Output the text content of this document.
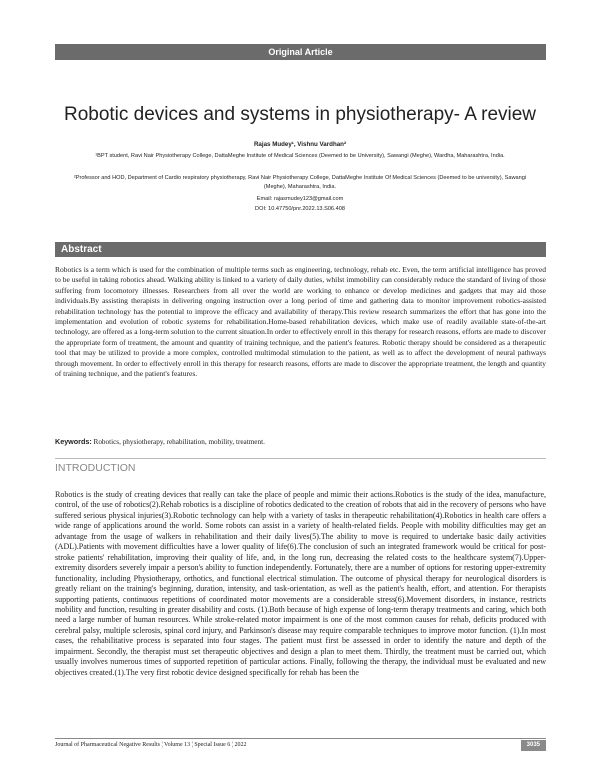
Original Article
Robotic devices and systems in physiotherapy- A review
Rajas Mudey¹, Vishnu Vardhan²
¹BPT student, Ravi Nair Physiotherapy College, DattaMeghe Institute of Medical Sciences (Deemed to be University), Sawangi (Meghe), Wardha, Maharashtra, India.
²Professor and HOD, Department of Cardio respiratory physiotherapy, Ravi Nair Physiotherapy College, DattaMeghe Institute Of Medical Sciences (Deemed to be university), Sawangi (Meghe), Maharashtra, India.
Email: rajasmudey123@gmail.com
DOI: 10.47750/pnr.2022.13.S06.408
Abstract

Robotics is a term which is used for the combination of multiple terms such as engineering, technology, rehab etc. Even, the term artificial intelligence has proved to be useful in taking robotics ahead. Walking ability is linked to a variety of daily duties, whilst immobility can considerably reduce the standard of living of those suffering from locomotory illnesses. Researchers from all over the world are working to enhance or develop medicines and gadgets that may aid those individuals.By assisting therapists in delivering ongoing instruction over a long period of time and gathering data to monitor improvement robotics-assisted rehabilitation technology has the potential to improve the efficacy and availability of therapy.This review research summarizes the effort that has gone into the implementation and evolution of robotic systems for rehabilitation.Home-based rehabilitation devices, which make use of readily available state-of-the-art technology, are offered as a long-term solution to the current situation.In order to effectively enroll in this therapy for research reasons, efforts are made to discover the appropriate form of treatment, the amount and quantity of training technique, and the patient's features. Robotic therapy should be considered as a therapeutic tool that may be utilized to provide a more complex, controlled multimodal stimulation to the patient, as well as to affect the development of neural pathways through movement. In order to effectively enroll in this therapy for research reasons, efforts are made to discover the appropriate treatment, the length and quantity of training technique, and the patient's features.

Keywords: Robotics, physiotherapy, rehabilitation, mobility, treatment.
INTRODUCTION

Robotics is the study of creating devices that really can take the place of people and mimic their actions.Robotics is the study of the idea, manufacture, control, of the use of robotics(2).Rehab robotics is a discipline of robotics dedicated to the creation of robots that aid in the recovery of persons who have suffered serious physical injuries(3).Robotic technology can help with a variety of tasks in therapeutic rehabilitation(4).Robotics in health care offers a wide range of applications around the world. Some robots can assist in a variety of health-related fields. People with mobility difficulties may get an advantage from the usage of walkers in rehabilitation and their daily lives(5).The ability to move is required to undertake basic daily activities (ADL).Patients with movement difficulties have a lower quality of life(6).The conclusion of such an integrated framework would be critical for post-stroke patients' rehabilitation, improving their quality of life, and, in the long run, decreasing the related costs to the healthcare system(7).Upper-extremity disorders severely impair a person's ability to function independently. Fortunately, there are a number of options for restoring upper-extremity functionality, including Physiotherapy, orthotics, and functional electrical stimulation. The outcome of physical therapy for neurological disorders is greatly reliant on the training's beginning, duration, intensity, and task-orientation, as well as the patient's health, effort, and attention. For therapists supporting patients, continuous repetitions of coordinated motor movements are a considerable stress(6).Movement disorders, in instance, restricts mobility and function, resulting in greater disability and costs. (1).Both because of high expense of long-term therapy treatments and caring, which both need a large number of human resources. While stroke-related motor impairment is one of the most common causes for rehab, deficits produced with cerebral palsy, multiple sclerosis, spinal cord injury, and Parkinson's disease may require comparable techniques to improve motor function. (1).In most cases, the rehabilitative process is separated into four stages. The patient must first be assessed in order to identify the nature and depth of the impairment. Secondly, the therapist must set therapeutic objectives and design a plan to meet them. Thirdly, the treatment must be carried out, which usually involves numerous times of supported repetition of particular actions. Finally, following the therapy, the individual must be evaluated and new objectives created.(1).The very first robotic device designed specifically for rehab has been the

Journal of Pharmaceutical Negative Results ¦ Volume 13 ¦ Special Issue 6 ¦ 2022	3035
